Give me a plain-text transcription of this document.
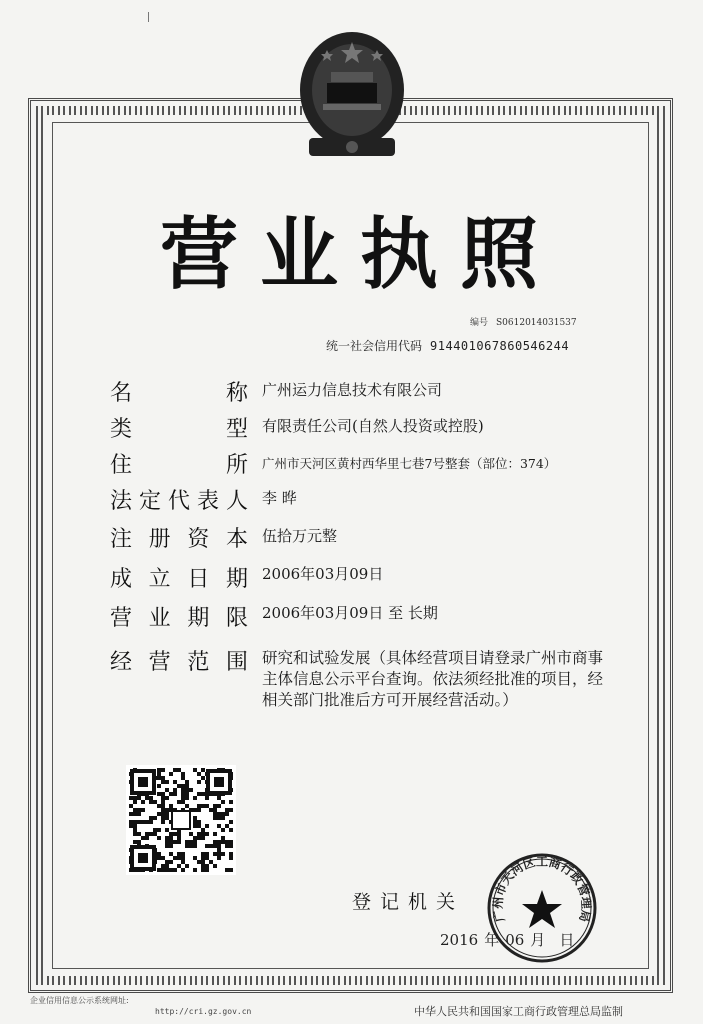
营业执照
编号 S0612014031537
统一社会信用代码 914401067860546244
名	称 广州运力信息技术有限公司
类	型 有限责任公司(自然人投资或控股)
住	所 广州市天河区黄村西华里七巷7号整套（部位：374）
法 定 代 表 人 李 晔
注 册 资 本 伍拾万元整
成 立 日 期 2006年03月09日
营 业 期 限 2006年03月09日 至 长期
经 营 范 围 研究和试验发展（具体经营项目请登录广州市商事主体信息公示平台查询。依法须经批准的项目，经相关部门批准后方可开展经营活动。）
登记机关
广州市天河区工商行政管理局
2016 年 06 月 日
企业信用信息公示系统网址:
http://cri.gz.gov.cn	中华人民共和国国家工商行政管理总局监制
